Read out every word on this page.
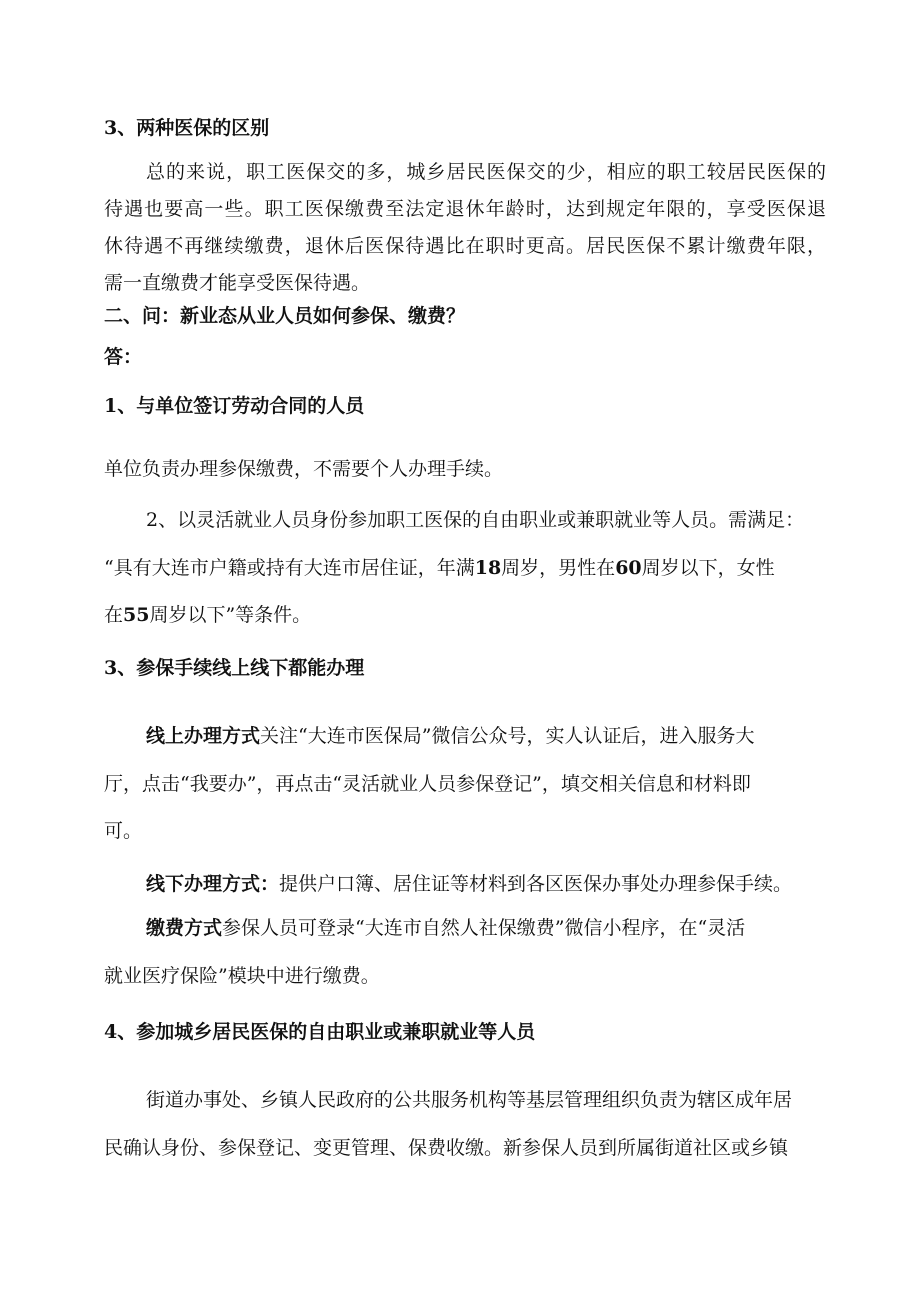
3、两种医保的区别
总的来说，职工医保交的多，城乡居民医保交的少，相应的职工较居民医保的
待遇也要高一些。职工医保缴费至法定退休年龄时，达到规定年限的，享受医保退
休待遇不再继续缴费，退休后医保待遇比在职时更高。居民医保不累计缴费年限，
需一直缴费才能享受医保待遇。
二、问：新业态从业人员如何参保、缴费？
答：
1、与单位签订劳动合同的人员
单位负责办理参保缴费，不需要个人办理手续。
2、以灵活就业人员身份参加职工医保的自由职业或兼职就业等人员。需满足：
“具有大连市户籍或持有大连市居住证，年满18周岁，男性在60周岁以下，女性
在55周岁以下”等条件。
3、参保手续线上线下都能办理
线上办理方式关注“大连市医保局”微信公众号，实人认证后，进入服务大
厅，点击“我要办”，再点击“灵活就业人员参保登记”，填交相关信息和材料即
可。
线下办理方式：提供户口簿、居住证等材料到各区医保办事处办理参保手续。
缴费方式参保人员可登录“大连市自然人社保缴费”微信小程序，在“灵活
就业医疗保险”模块中进行缴费。
4、参加城乡居民医保的自由职业或兼职就业等人员
街道办事处、乡镇人民政府的公共服务机构等基层管理组织负责为辖区成年居
民确认身份、参保登记、变更管理、保费收缴。新参保人员到所属街道社区或乡镇
